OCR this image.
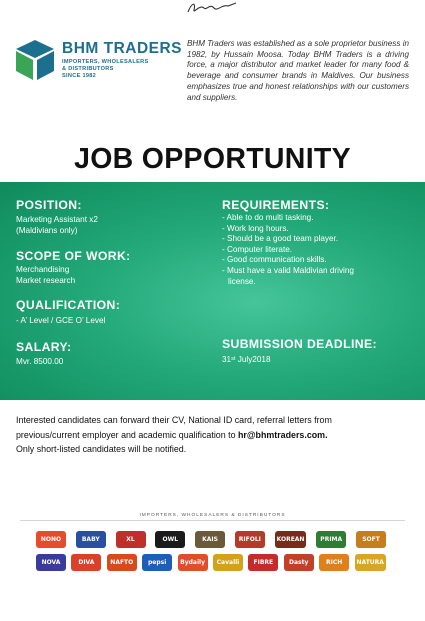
BHM TRADERS
IMPORTERS, WHOLESALERS
& DISTRIBUTORS
SINCE 1982

BHM Traders was established as a sole proprietor business in 1982, by Hussain Moosa. Today BHM Traders is a driving force, a major distributor and market leader for many food & beverage and consumer brands in Maldives. Our business emphasizes true and honest relationships with our customers and suppliers.

JOB OPPORTUNITY
POSITION:
Marketing Assistant x2
(Maldivians only)
SCOPE OF WORK:
Merchandising
Market research
QUALIFICATION:
- A’ Level / GCE O’ Level
SALARY:
Mvr. 8500.00
REQUIREMENTS:
SUBMISSION DEADLINE:
31st July2018
- Able to do multi tasking.
- Work long hours.
- Should be a good team player.
- Computer literate.
- Good communication skills.
- Must have a valid Maldivian driving
license.

Interested candidates can forward their CV, National ID card, referral letters from
previous/current employer and academic qualification to hr@bhmtraders.com.
Only short-listed candidates will be notified.

IMPORTERS, WHOLESALERS & DISTRIBUTORS
NONO	BABY	XL	OWL	KAIS	RIFOLI	KOREAN	PRIMA	SOFT
NOVA	DIVA	NAFTO	pepsi	Bydaily	Cavalli	FIBRE	Dasty	RICH	NATURA
